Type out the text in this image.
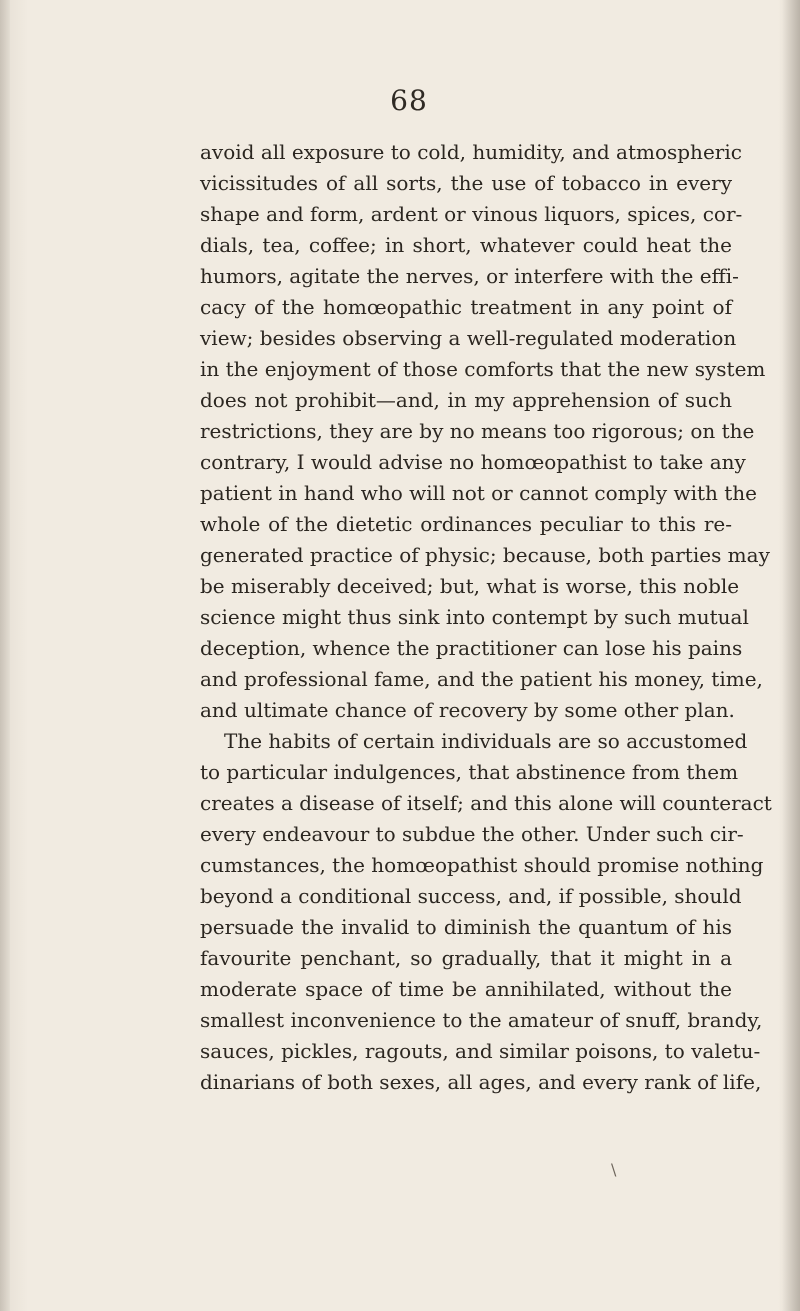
68
avoid all exposure to cold, humidity, and atmospheric
vicissitudes of all sorts, the use of tobacco in every
shape and form, ardent or vinous liquors, spices, cor-
dials, tea, coffee; in short, whatever could heat the
humors, agitate the nerves, or interfere with the effi-
cacy of the homœopathic treatment in any point of
view; besides observing a well-regulated moderation
in the enjoyment of those comforts that the new system
does not prohibit—and, in my apprehension of such
restrictions, they are by no means too rigorous; on the
contrary, I would advise no homœopathist to take any
patient in hand who will not or cannot comply with the
whole of the dietetic ordinances peculiar to this re-
generated practice of physic; because, both parties may
be miserably deceived; but, what is worse, this noble
science might thus sink into contempt by such mutual
deception, whence the practitioner can lose his pains
and professional fame, and the patient his money, time,
and ultimate chance of recovery by some other plan.
The habits of certain individuals are so accustomed
to particular indulgences, that abstinence from them
creates a disease of itself; and this alone will counteract
every endeavour to subdue the other. Under such cir-
cumstances, the homœopathist should promise nothing
beyond a conditional success, and, if possible, should
persuade the invalid to diminish the quantum of his
favourite penchant, so gradually, that it might in a
moderate space of time be annihilated, without the
smallest inconvenience to the amateur of snuff, brandy,
sauces, pickles, ragouts, and similar poisons, to valetu-
dinarians of both sexes, all ages, and every rank of life,
\
